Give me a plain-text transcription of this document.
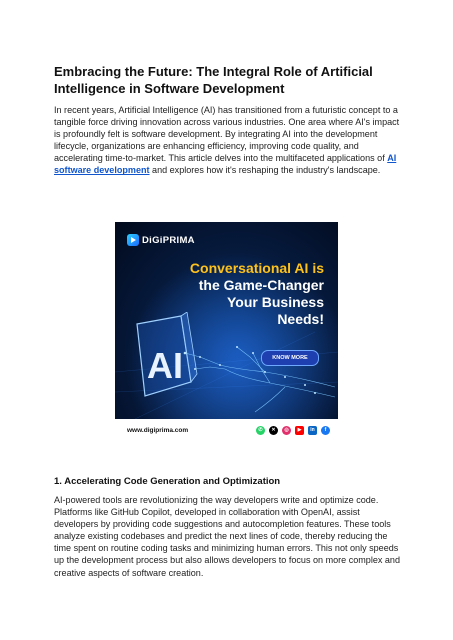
Embracing the Future: The Integral Role of Artificial Intelligence in Software Development

In recent years, Artificial Intelligence (AI) has transitioned from a futuristic concept to a tangible force driving innovation across various industries. One area where AI's impact is profoundly felt is software development. By integrating AI into the development lifecycle, organizations are enhancing efficiency, improving code quality, and accelerating time-to-market. This article delves into the multifaceted applications of AI software development and explores how it's reshaping the industry's landscape.

DiGiPRIMA
Conversational AI is
the Game-Changer
Your Business
Needs!
AI	KNOW MORE
www.digiprima.com	✆	✕	◎	▶	in	f
1. Accelerating Code Generation and Optimization

AI-powered tools are revolutionizing the way developers write and optimize code. Platforms like GitHub Copilot, developed in collaboration with OpenAI, assist developers by providing code suggestions and autocompletion features. These tools analyze existing codebases and predict the next lines of code, thereby reducing the time spent on routine coding tasks and minimizing human errors. This not only speeds up the development process but also allows developers to focus on more complex and creative aspects of software creation.
